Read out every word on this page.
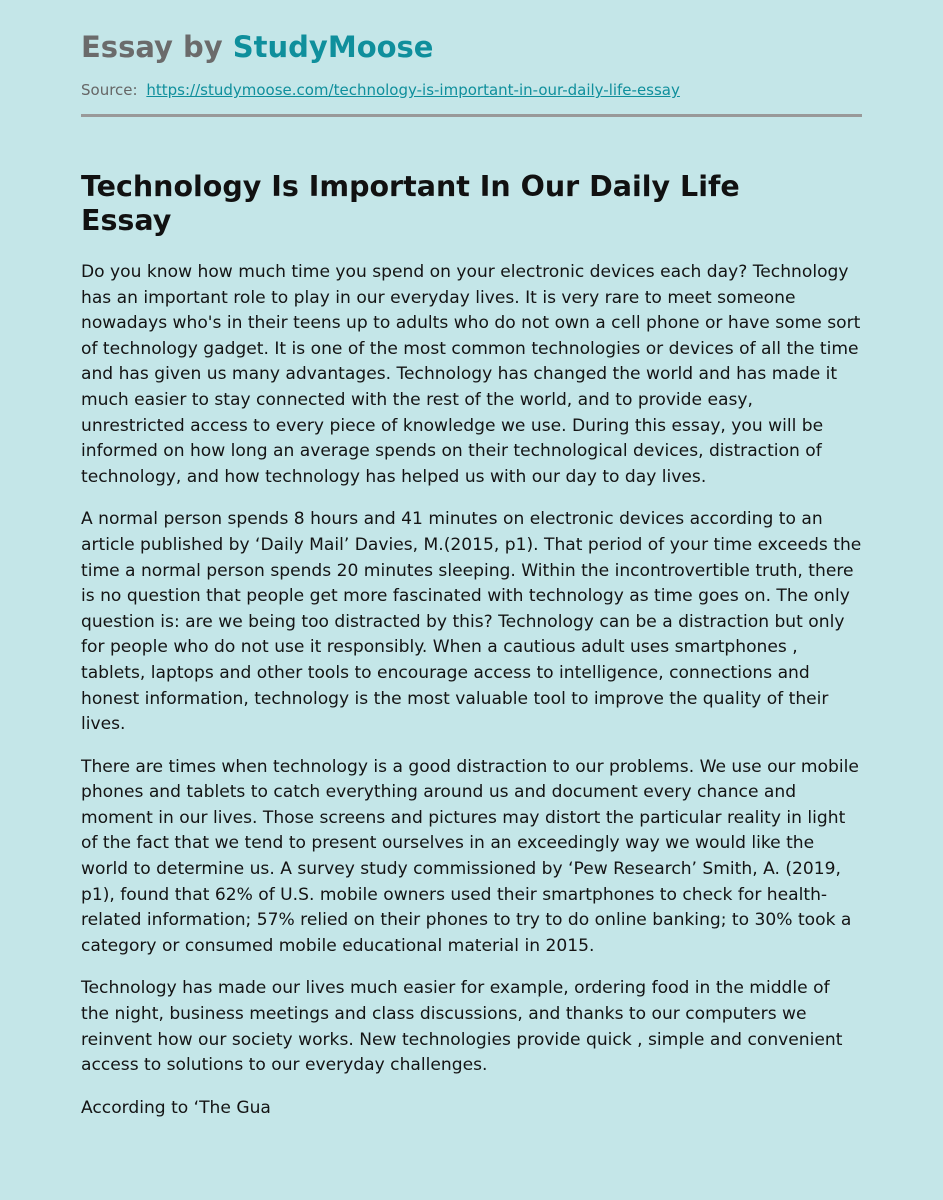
Essay by StudyMoose
Source: https://studymoose.com/technology-is-important-in-our-daily-life-essay
Technology Is Important In Our Daily Life Essay

Do you know how much time you spend on your electronic devices each day? Technology has an important role to play in our everyday lives. It is very rare to meet someone nowadays who's in their teens up to adults who do not own a cell phone or have some sort of technology gadget. It is one of the most common technologies or devices of all the time and has given us many advantages. Technology has changed the world and has made it much easier to stay connected with the rest of the world, and to provide easy, unrestricted access to every piece of knowledge we use. During this essay, you will be informed on how long an average spends on their technological devices, distraction of technology, and how technology has helped us with our day to day lives.

A normal person spends 8 hours and 41 minutes on electronic devices according to an article published by ‘Daily Mail’ Davies, M.(2015, p1). That period of your time exceeds the time a normal person spends 20 minutes sleeping. Within the incontrovertible truth, there is no question that people get more fascinated with technology as time goes on. The only question is: are we being too distracted by this? Technology can be a distraction but only for people who do not use it responsibly. When a cautious adult uses smartphones , tablets, laptops and other tools to encourage access to intelligence, connections and honest information, technology is the most valuable tool to improve the quality of their lives.

There are times when technology is a good distraction to our problems. We use our mobile phones and tablets to catch everything around us and document every chance and moment in our lives. Those screens and pictures may distort the particular reality in light of the fact that we tend to present ourselves in an exceedingly way we would like the world to determine us. A survey study commissioned by ‘Pew Research’ Smith, A. (2019, p1), found that 62% of U.S. mobile owners used their smartphones to check for health-related information; 57% relied on their phones to try to do online banking; to 30% took a category or consumed mobile educational material in 2015.

Technology has made our lives much easier for example, ordering food in the middle of the night, business meetings and class discussions, and thanks to our computers we reinvent how our society works. New technologies provide quick , simple and convenient access to solutions to our everyday challenges.

According to ‘The Gua
